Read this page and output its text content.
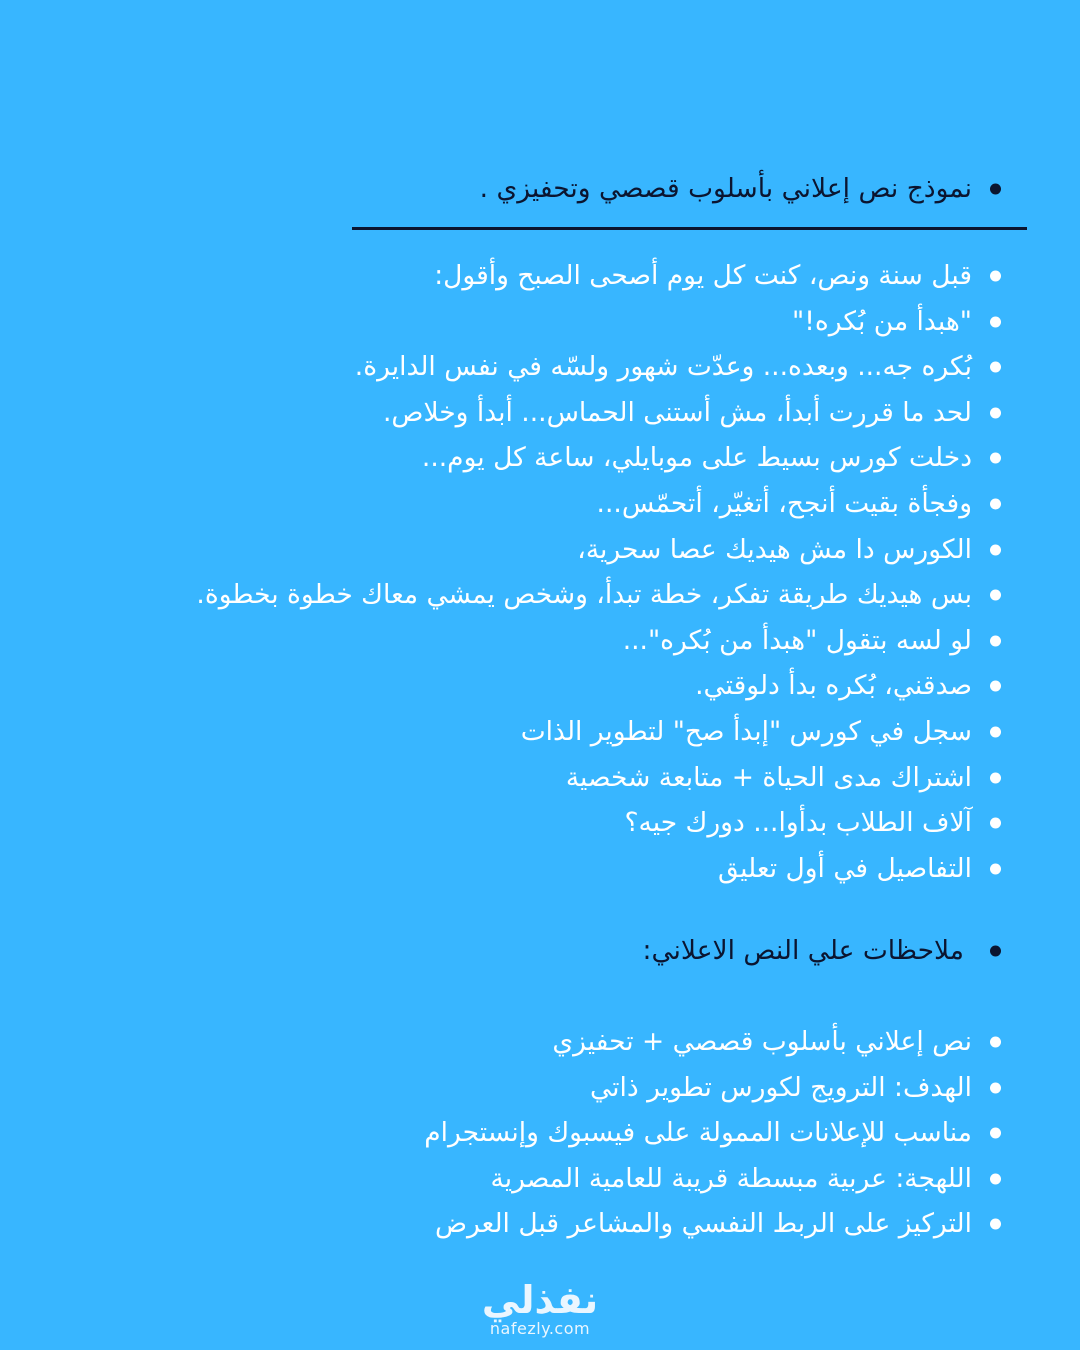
نموذج نص إعلاني بأسلوب قصصي وتحفيزي .
قبل سنة ونص، كنت كل يوم أصحى الصبح وأقول:
"هبدأ من بُكره!"
بُكره جه... وبعده... وعدّت شهور ولسّه في نفس الدايرة.
لحد ما قررت أبدأ، مش أستنى الحماس... أبدأ وخلاص.
دخلت كورس بسيط على موبايلي، ساعة كل يوم...
وفجأة بقيت أنجح، أتغيّر، أتحمّس...
الكورس دا مش هيديك عصا سحرية،
بس هيديك طريقة تفكر، خطة تبدأ، وشخص يمشي معاك خطوة بخطوة.
لو لسه بتقول "هبدأ من بُكره"...
صدقني، بُكره بدأ دلوقتي.
سجل في كورس "إبدأ صح" لتطوير الذات
اشتراك مدى الحياة + متابعة شخصية
آلاف الطلاب بدأوا... دورك جيه؟
التفاصيل في أول تعليق
ملاحظات علي النص الاعلاني:
نص إعلاني بأسلوب قصصي + تحفيزي
الهدف: الترويج لكورس تطوير ذاتي
مناسب للإعلانات الممولة على فيسبوك وإنستجرام
اللهجة: عربية مبسطة قريبة للعامية المصرية
التركيز على الربط النفسي والمشاعر قبل العرض
نفذلي
nafezly.com
